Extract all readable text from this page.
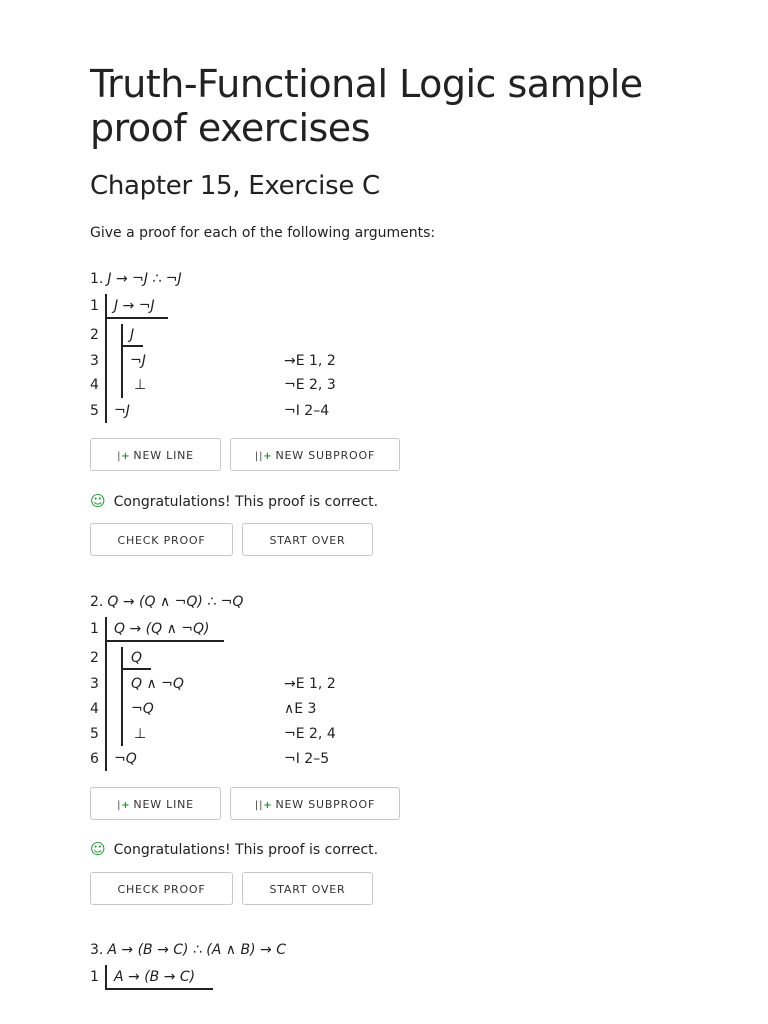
Truth-Functional Logic sample proof exercises
Chapter 15, Exercise C
Give a proof for each of the following arguments:
1. J → ¬J ∴ ¬J
1 J → ¬J
2 J
3 ¬J	→E 1, 2
4	⊥	¬E 2, 3
5 ¬J	¬I 2–4
|+ NEW LINE	||+ NEW SUBPROOF
☺ Congratulations! This proof is correct.
CHECK PROOF	START OVER
2. Q → (Q ∧ ¬Q) ∴ ¬Q
1 Q → (Q ∧ ¬Q)
2 Q
3 Q ∧ ¬Q	→E 1, 2
4 ¬Q	∧E 3
5	⊥	¬E 2, 4
6 ¬Q	¬I 2–5
|+ NEW LINE	||+ NEW SUBPROOF
☺ Congratulations! This proof is correct.
CHECK PROOF	START OVER
3. A → (B → C) ∴ (A ∧ B) → C
1 A → (B → C)
